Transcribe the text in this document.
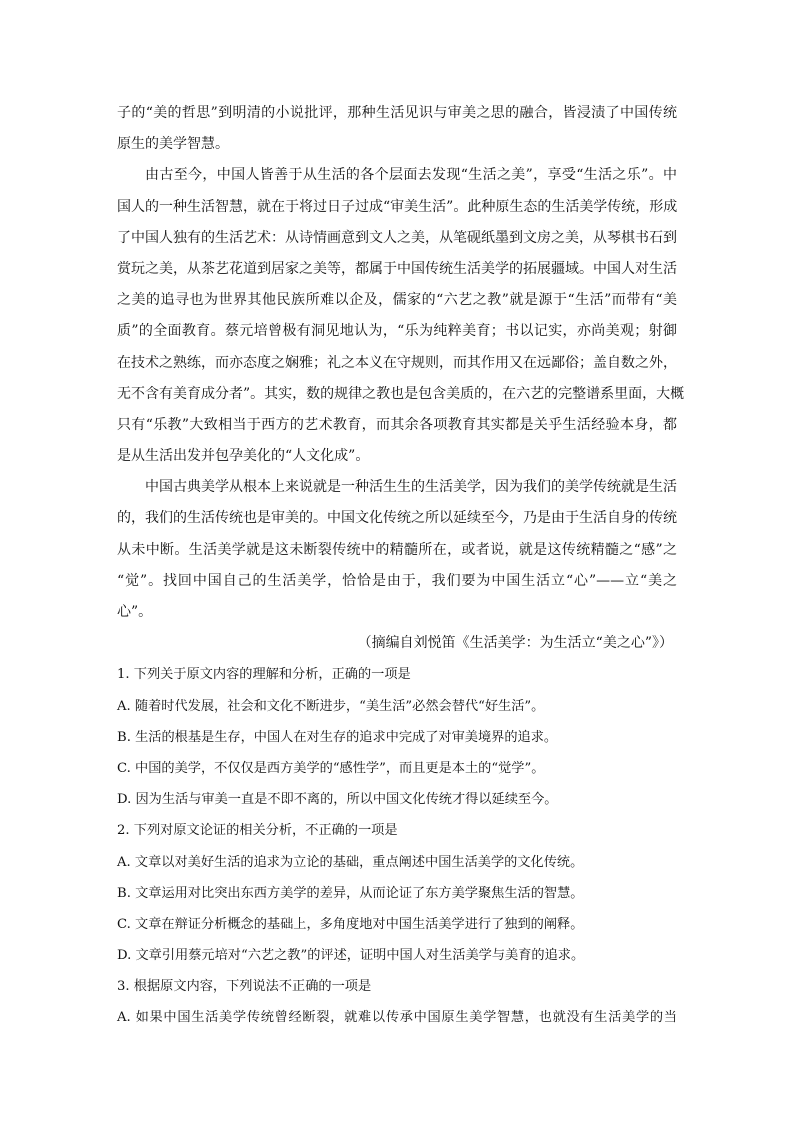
子的“美的哲思”到明清的小说批评，那种生活见识与审美之思的融合，皆浸渍了中国传统
原生的美学智慧。
由古至今，中国人皆善于从生活的各个层面去发现“生活之美”，享受“生活之乐”。中
国人的一种生活智慧，就在于将过日子过成“审美生活”。此种原生态的生活美学传统，形成
了中国人独有的生活艺术：从诗情画意到文人之美，从笔砚纸墨到文房之美，从琴棋书石到
赏玩之美，从茶艺花道到居家之美等，都属于中国传统生活美学的拓展疆域。中国人对生活
之美的追寻也为世界其他民族所难以企及，儒家的“六艺之教”就是源于“生活”而带有“美
质”的全面教育。蔡元培曾极有洞见地认为，“乐为纯粹美育；书以记实，亦尚美观；射御
在技术之熟练，而亦态度之娴雅；礼之本义在守规则，而其作用又在远鄙俗；盖自数之外，
无不含有美育成分者”。其实，数的规律之教也是包含美质的，在六艺的完整谱系里面，大概
只有“乐教”大致相当于西方的艺术教育，而其余各项教育其实都是关乎生活经验本身，都
是从生活出发并包孕美化的“人文化成”。
中国古典美学从根本上来说就是一种活生生的生活美学，因为我们的美学传统就是生活
的，我们的生活传统也是审美的。中国文化传统之所以延续至今，乃是由于生活自身的传统
从未中断。生活美学就是这未断裂传统中的精髓所在，或者说，就是这传统精髓之“感”之
“觉”。找回中国自己的生活美学，恰恰是由于，我们要为中国生活立“心”——立“美之
心”。
（摘编自刘悦笛《生活美学：为生活立“美之心”》）
1. 下列关于原文内容的理解和分析，正确的一项是
A. 随着时代发展，社会和文化不断进步，“美生活”必然会替代“好生活”。
B. 生活的根基是生存，中国人在对生存的追求中完成了对审美境界的追求。
C. 中国的美学，不仅仅是西方美学的“感性学”，而且更是本土的“觉学”。
D. 因为生活与审美一直是不即不离的，所以中国文化传统才得以延续至今。
2. 下列对原文论证的相关分析，不正确的一项是
A. 文章以对美好生活的追求为立论的基础，重点阐述中国生活美学的文化传统。
B. 文章运用对比突出东西方美学的差异，从而论证了东方美学聚焦生活的智慧。
C. 文章在辩证分析概念的基础上，多角度地对中国生活美学进行了独到的阐释。
D. 文章引用蔡元培对“六艺之教”的评述，证明中国人对生活美学与美育的追求。
3. 根据原文内容，下列说法不正确的一项是
A. 如果中国生活美学传统曾经断裂，就难以传承中国原生美学智慧，也就没有生活美学的当
